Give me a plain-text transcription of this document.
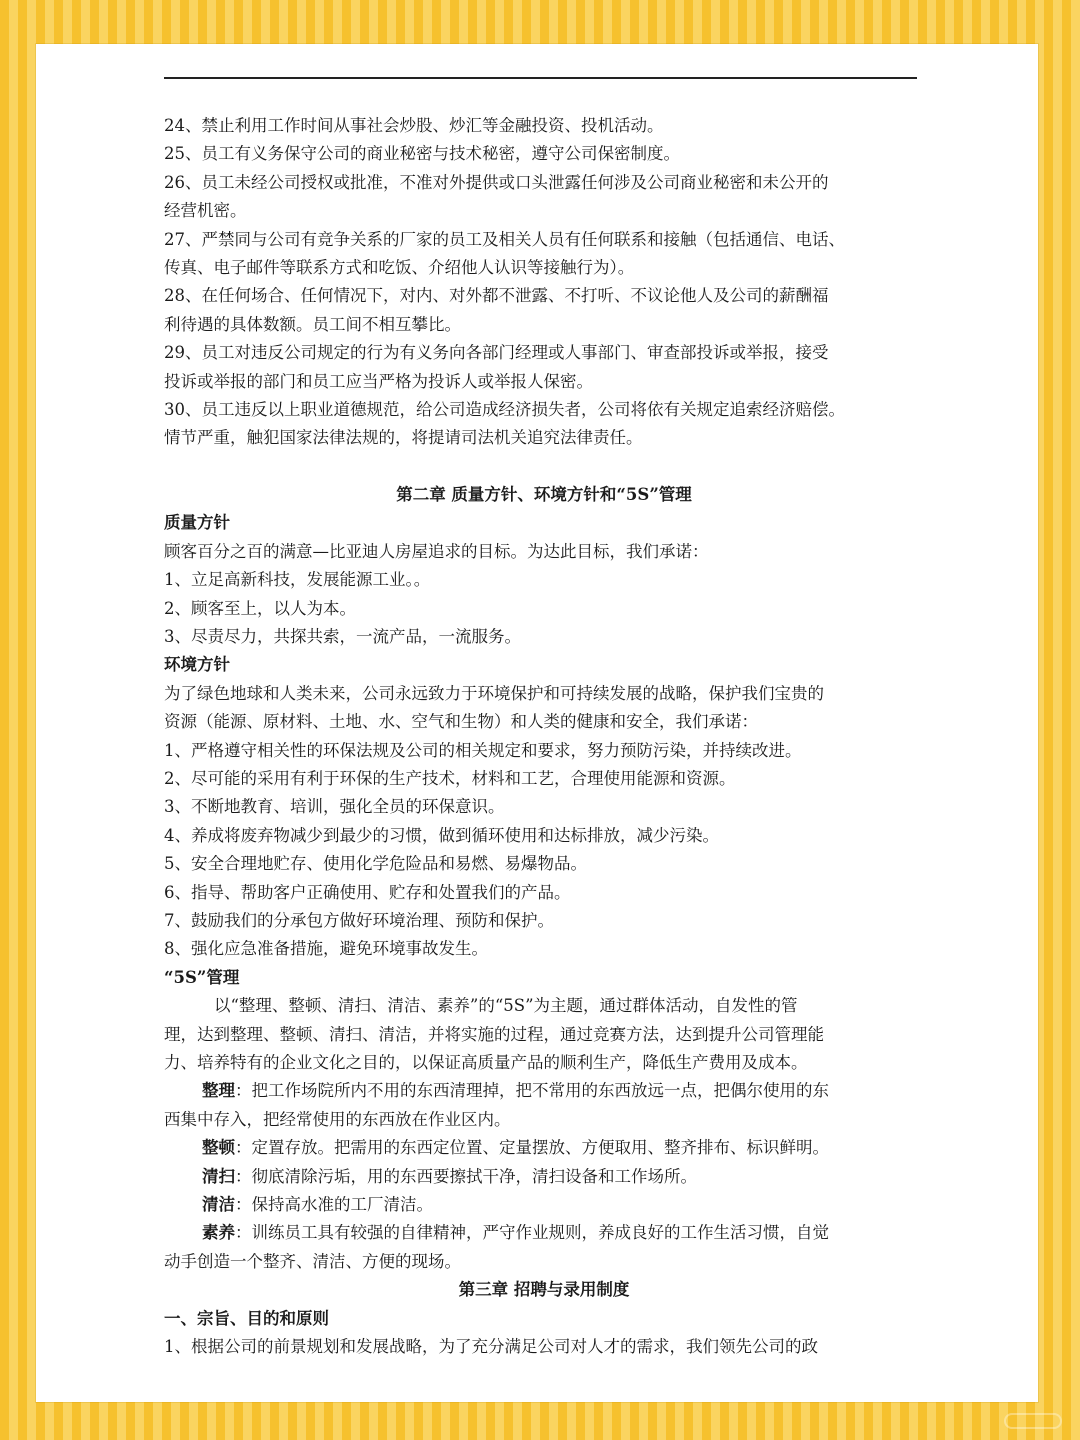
24、禁止利用工作时间从事社会炒股、炒汇等金融投资、投机活动。

25、员工有义务保守公司的商业秘密与技术秘密，遵守公司保密制度。

26、员工未经公司授权或批准，不准对外提供或口头泄露任何涉及公司商业秘密和未公开的

经营机密。

27、严禁同与公司有竞争关系的厂家的员工及相关人员有任何联系和接触（包括通信、电话、

传真、电子邮件等联系方式和吃饭、介绍他人认识等接触行为）。

28、在任何场合、任何情况下，对内、对外都不泄露、不打听、不议论他人及公司的薪酬福

利待遇的具体数额。员工间不相互攀比。

29、员工对违反公司规定的行为有义务向各部门经理或人事部门、审查部投诉或举报，接受

投诉或举报的部门和员工应当严格为投诉人或举报人保密。

30、员工违反以上职业道德规范，给公司造成经济损失者，公司将依有关规定追索经济赔偿。

情节严重，触犯国家法律法规的，将提请司法机关追究法律责任。

第二章 质量方针、环境方针和“5S”管理

质量方针

顾客百分之百的满意—比亚迪人房屋追求的目标。为达此目标，我们承诺：

1、立足高新科技，发展能源工业。。

2、顾客至上，以人为本。

3、尽责尽力，共探共索，一流产品，一流服务。

环境方针

为了绿色地球和人类未来，公司永远致力于环境保护和可持续发展的战略，保护我们宝贵的

资源（能源、原材料、土地、水、空气和生物）和人类的健康和安全，我们承诺：

1、严格遵守相关性的环保法规及公司的相关规定和要求，努力预防污染，并持续改进。

2、尽可能的采用有利于环保的生产技术，材料和工艺，合理使用能源和资源。

3、不断地教育、培训，强化全员的环保意识。

4、养成将废弃物减少到最少的习惯，做到循环使用和达标排放，减少污染。

5、安全合理地贮存、使用化学危险品和易燃、易爆物品。

6、指导、帮助客户正确使用、贮存和处置我们的产品。

7、鼓励我们的分承包方做好环境治理、预防和保护。

8、强化应急准备措施，避免环境事故发生。

“5S”管理

以“整理、整顿、清扫、清洁、素养”的“5S”为主题，通过群体活动，自发性的管

理，达到整理、整顿、清扫、清洁，并将实施的过程，通过竞赛方法，达到提升公司管理能

力、培养特有的企业文化之目的，以保证高质量产品的顺利生产，降低生产费用及成本。

整理：把工作场院所内不用的东西清理掉，把不常用的东西放远一点，把偶尔使用的东

西集中存入，把经常使用的东西放在作业区内。

整顿：定置存放。把需用的东西定位置、定量摆放、方便取用、整齐排布、标识鲜明。

清扫：彻底清除污垢，用的东西要擦拭干净，清扫设备和工作场所。

清洁：保持高水准的工厂清洁。

素养：训练员工具有较强的自律精神，严守作业规则，养成良好的工作生活习惯，自觉

动手创造一个整齐、清洁、方便的现场。

第三章 招聘与录用制度

一、宗旨、目的和原则

1、根据公司的前景规划和发展战略，为了充分满足公司对人才的需求，我们领先公司的政
